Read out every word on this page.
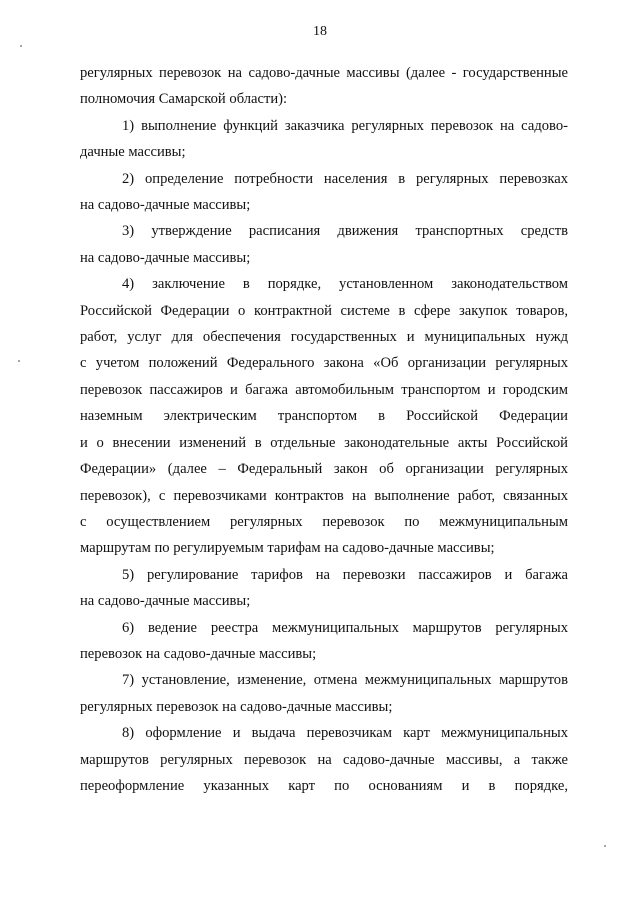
18
регулярных перевозок на садово-дачные массивы (далее - государственные
полномочия Самарской области):
1) выполнение функций заказчика регулярных перевозок на садово-
дачные массивы;
2) определение потребности населения в регулярных перевозках
на садово-дачные массивы;
3) утверждение расписания движения транспортных средств
на садово-дачные массивы;
4) заключение в порядке, установленном законодательством
Российской Федерации о контрактной системе в сфере закупок товаров,
работ, услуг для обеспечения государственных и муниципальных нужд
с учетом положений Федерального закона «Об организации регулярных
перевозок пассажиров и багажа автомобильным транспортом и городским
наземным электрическим транспортом в Российской Федерации
и о внесении изменений в отдельные законодательные акты Российской
Федерации» (далее – Федеральный закон об организации регулярных
перевозок), с перевозчиками контрактов на выполнение работ, связанных
с осуществлением регулярных перевозок по межмуниципальным
маршрутам по регулируемым тарифам на садово-дачные массивы;
5) регулирование тарифов на перевозки пассажиров и багажа
на садово-дачные массивы;
6) ведение реестра межмуниципальных маршрутов регулярных
перевозок на садово-дачные массивы;
7) установление, изменение, отмена межмуниципальных маршрутов
регулярных перевозок на садово-дачные массивы;
8) оформление и выдача перевозчикам карт межмуниципальных
маршрутов регулярных перевозок на садово-дачные массивы, а также
переоформление указанных карт по основаниям и в порядке,
